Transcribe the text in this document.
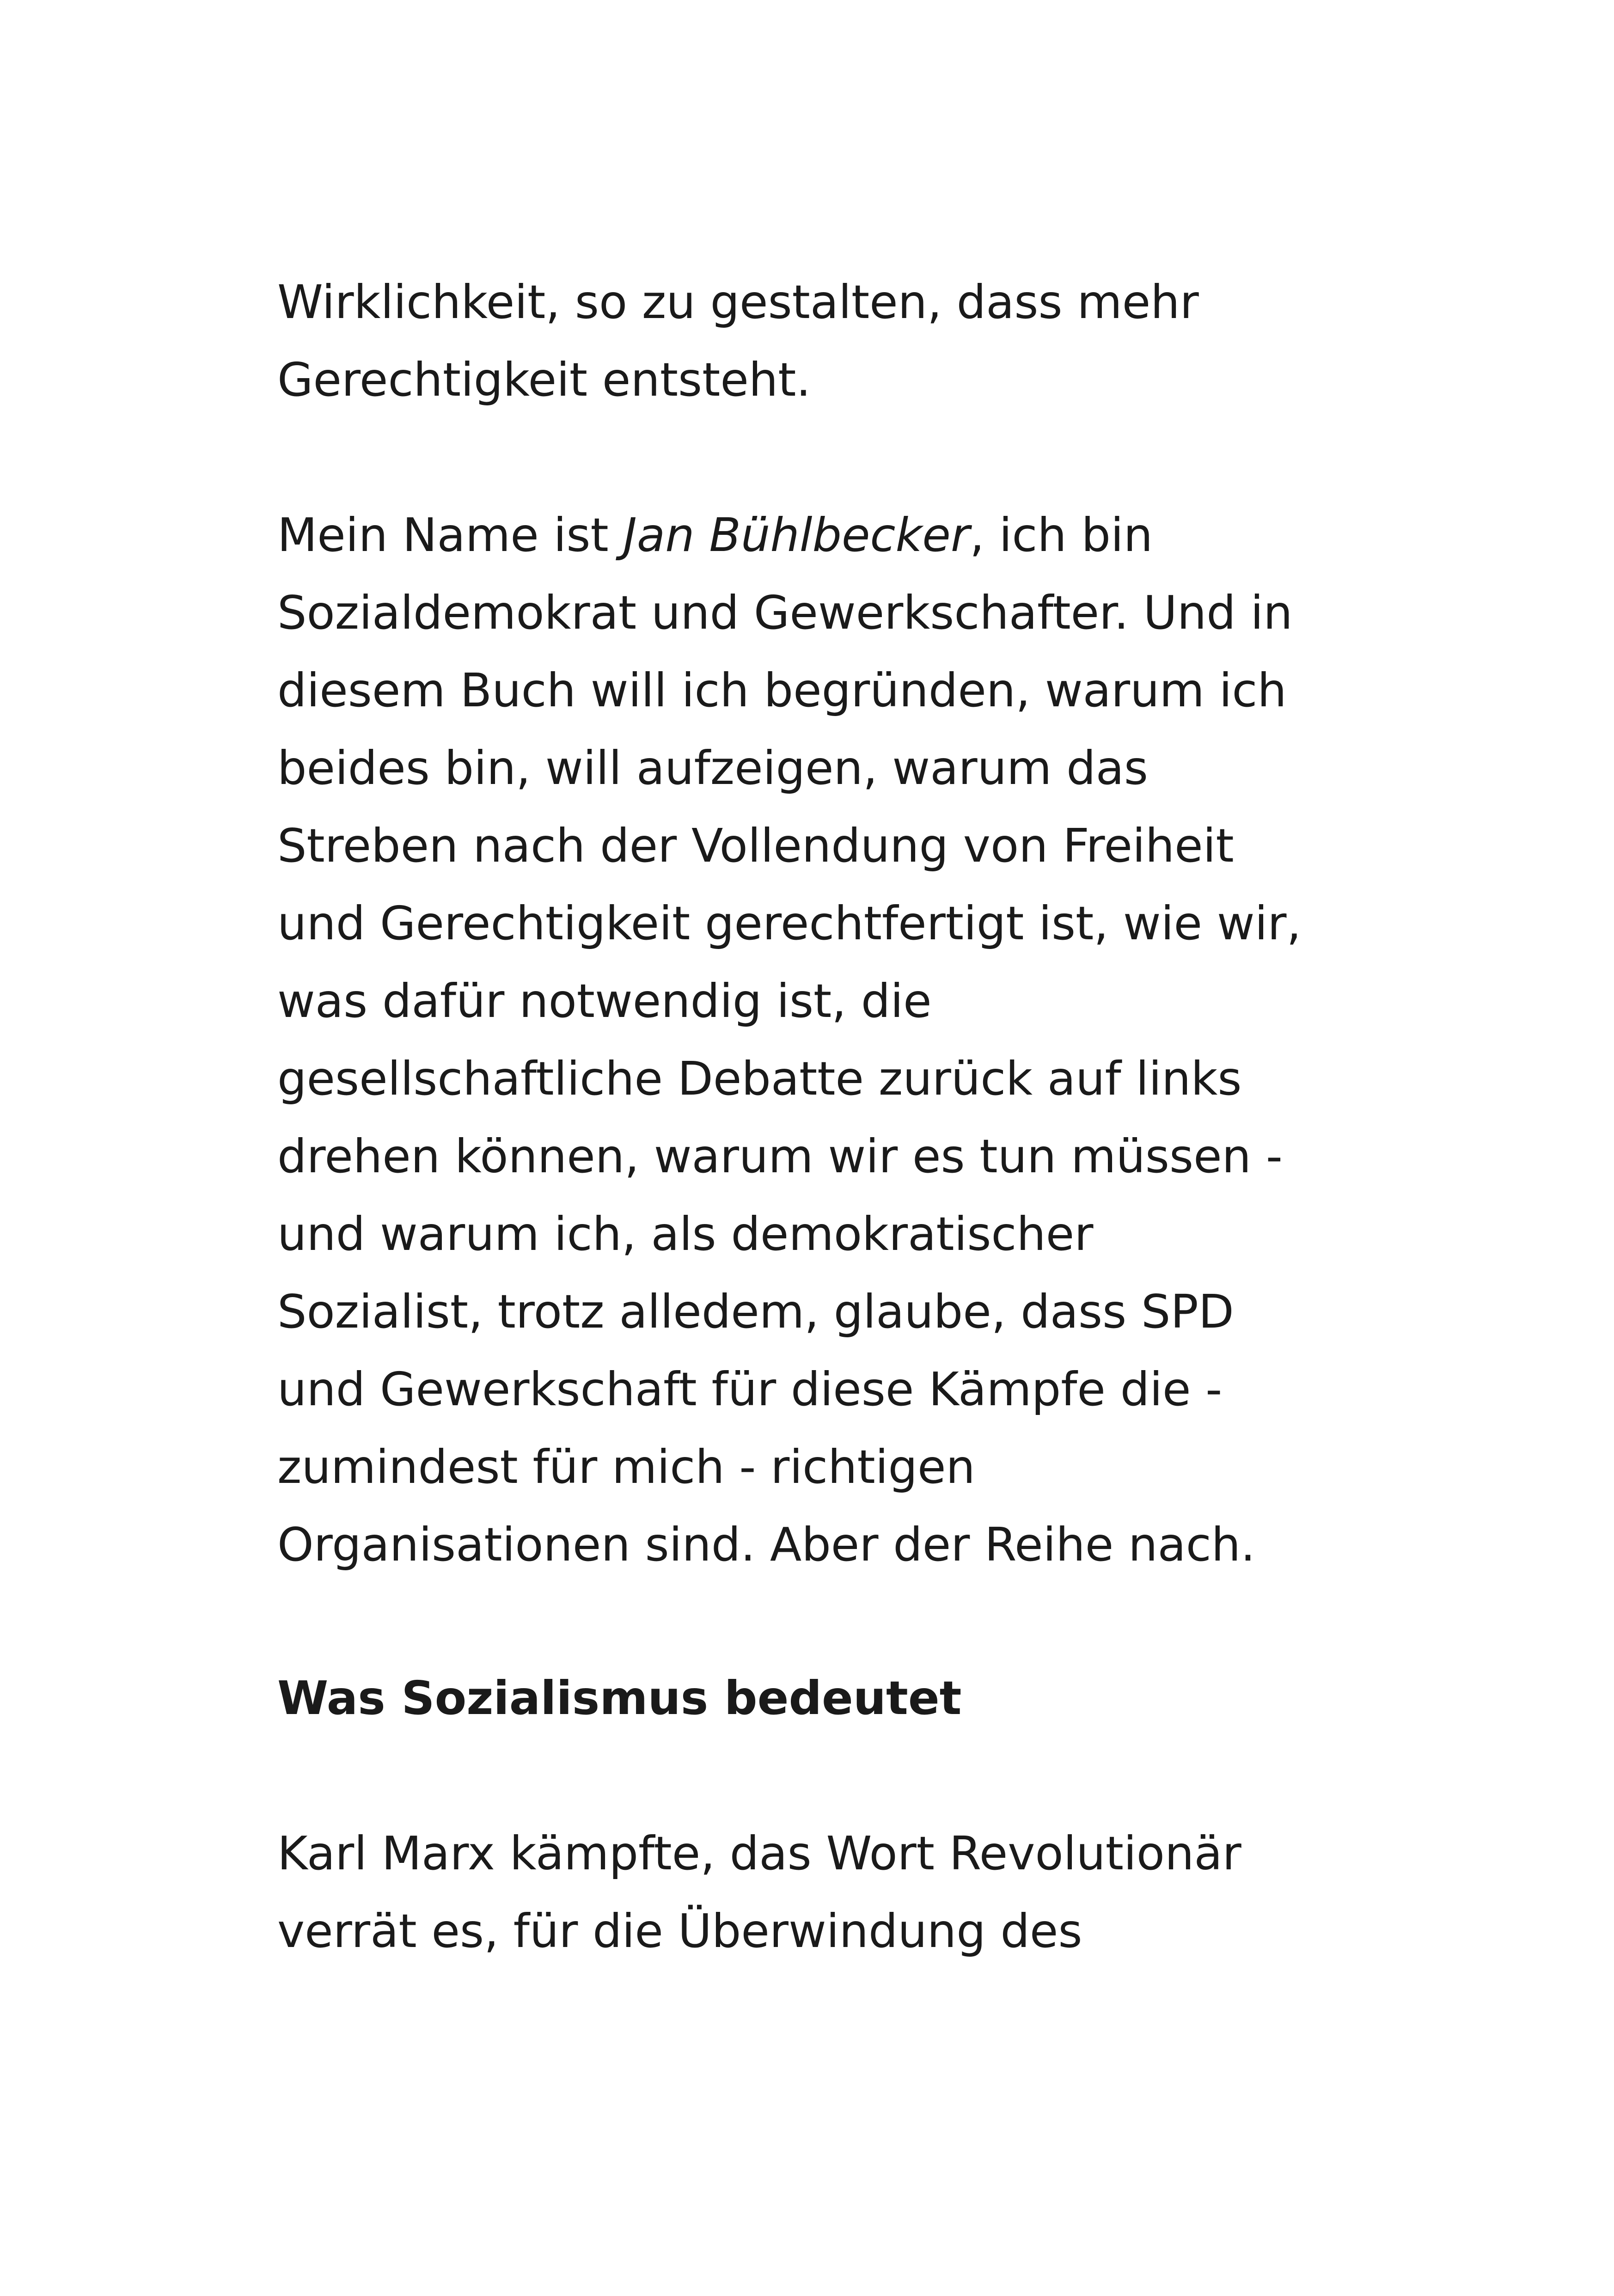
Wirklichkeit, so zu gestalten, dass mehr
Gerechtigkeit entsteht.
Mein Name ist Jan Bühlbecker, ich bin
Sozialdemokrat und Gewerkschafter. Und in
diesem Buch will ich begründen, warum ich
beides bin, will aufzeigen, warum das
Streben nach der Vollendung von Freiheit
und Gerechtigkeit gerechtfertigt ist, wie wir,
was dafür notwendig ist, die
gesellschaftliche Debatte zurück auf links
drehen können, warum wir es tun müssen -
und warum ich, als demokratischer
Sozialist, trotz alledem, glaube, dass SPD
und Gewerkschaft für diese Kämpfe die -
zumindest für mich - richtigen
Organisationen sind. Aber der Reihe nach.
Was Sozialismus bedeutet
Karl Marx kämpfte, das Wort Revolutionär
verrät es, für die Überwindung des
